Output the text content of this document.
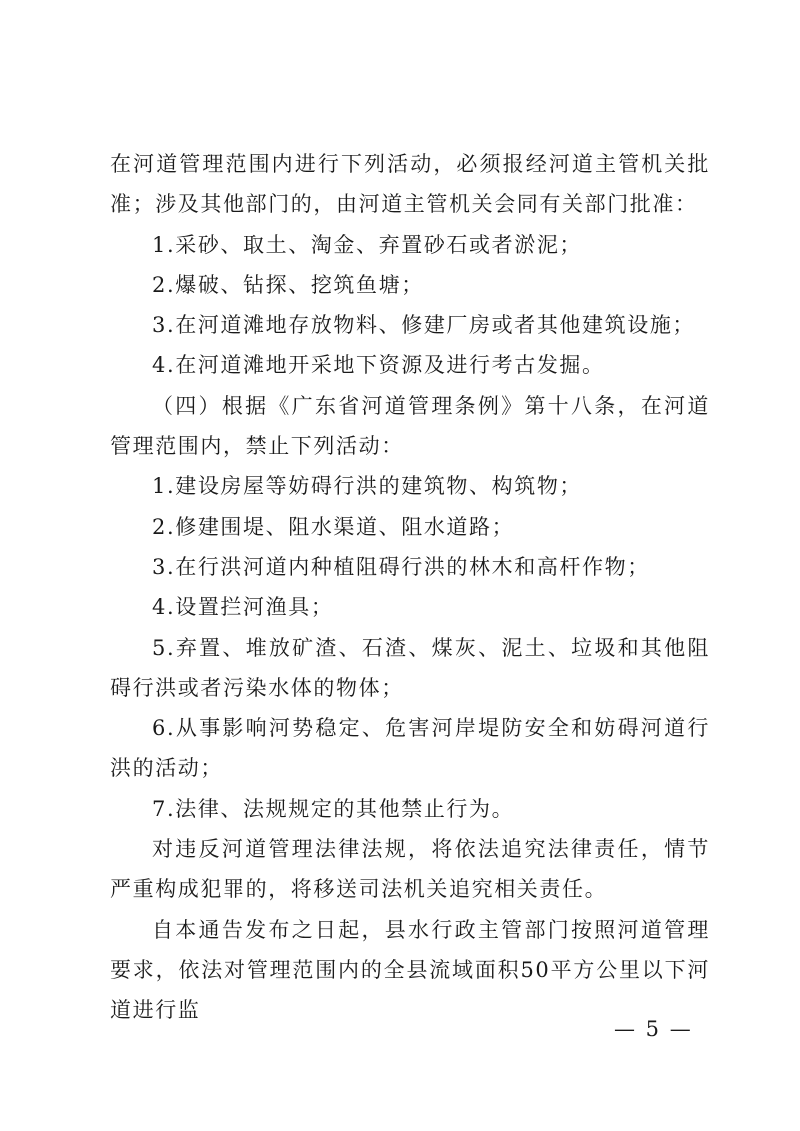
在河道管理范围内进行下列活动，必须报经河道主管机关批准；涉及其他部门的，由河道主管机关会同有关部门批准：

1.采砂、取土、淘金、弃置砂石或者淤泥；

2.爆破、钻探、挖筑鱼塘；

3.在河道滩地存放物料、修建厂房或者其他建筑设施；

4.在河道滩地开采地下资源及进行考古发掘。

（四）根据《广东省河道管理条例》第十八条，在河道管理范围内，禁止下列活动：

1.建设房屋等妨碍行洪的建筑物、构筑物；

2.修建围堤、阻水渠道、阻水道路；

3.在行洪河道内种植阻碍行洪的林木和高杆作物；

4.设置拦河渔具；

5.弃置、堆放矿渣、石渣、煤灰、泥土、垃圾和其他阻碍行洪或者污染水体的物体；

6.从事影响河势稳定、危害河岸堤防安全和妨碍河道行洪的活动；

7.法律、法规规定的其他禁止行为。

对违反河道管理法律法规，将依法追究法律责任，情节严重构成犯罪的，将移送司法机关追究相关责任。

自本通告发布之日起，县水行政主管部门按照河道管理要求，依法对管理范围内的全县流域面积50平方公里以下河道进行监

— 5 —
